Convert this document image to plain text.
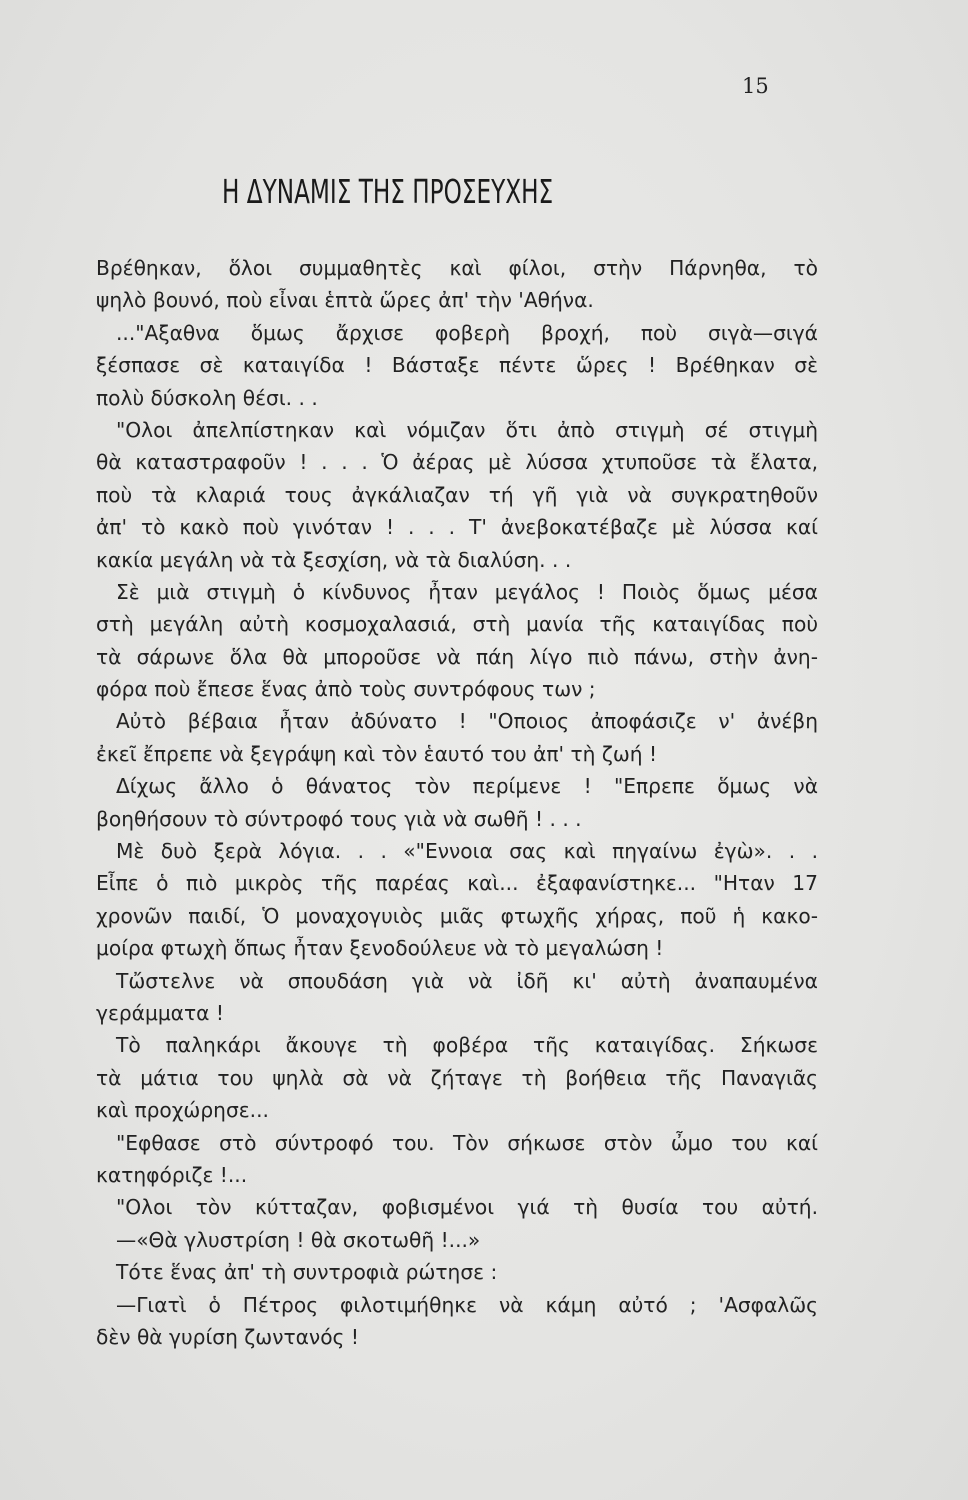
15
Η ΔΥΝΑΜΙΣ ΤΗΣ ΠΡΟΣΕΥΧΗΣ
Βρέθηκαν, ὅλοι συμμαθητὲς καὶ φίλοι, στὴν Πάρνηθα, τὸ
ψηλὸ βουνό, ποὺ εἶναι ἑπτὰ ὥρες ἀπ' τὴν 'Αθήνα.
..."Αξαθνα ὅμως ἄρχισε φοβερὴ βροχή, ποὺ σιγὰ—σιγά
ξέσπασε σὲ καταιγίδα ! Βάσταξε πέντε ὥρες ! Βρέθηκαν σὲ
πολὺ δύσκολη θέσι. . .
"Ολοι ἀπελπίστηκαν καὶ νόμιζαν ὅτι ἀπὸ στιγμὴ σέ στιγμὴ
θὰ καταστραφοῦν ! . . . Ὁ ἀέρας μὲ λύσσα χτυποῦσε τὰ ἔλατα,
ποὺ τὰ κλαριά τους ἀγκάλιαζαν τή γῆ γιὰ νὰ συγκρατηθοῦν
ἀπ' τὸ κακὸ ποὺ γινόταν ! . . . Τ' ἀνεβοκατέβαζε μὲ λύσσα καί
κακία μεγάλη νὰ τὰ ξεσχίση, νὰ τὰ διαλύση. . .
Σὲ μιὰ στιγμὴ ὁ κίνδυνος ἦταν μεγάλος ! Ποιὸς ὅμως μέσα
στὴ μεγάλη αὐτὴ κοσμοχαλασιά, στὴ μανία τῆς καταιγίδας ποὺ
τὰ σάρωνε ὅλα θὰ μποροῦσε νὰ πάη λίγο πιὸ πάνω, στὴν ἀνη-
φόρα ποὺ ἔπεσε ἕνας ἀπὸ τοὺς συντρόφους των ;
Αὐτὸ βέβαια ἦταν ἀδύνατο ! "Οποιος ἀποφάσιζε ν' ἀνέβη
ἐκεῖ ἔπρεπε νὰ ξεγράψη καὶ τὸν ἑαυτό του ἀπ' τὴ ζωή !
Δίχως ἄλλο ὁ θάνατος τὸν περίμενε ! "Επρεπε ὅμως νὰ
βοηθήσουν τὸ σύντροφό τους γιὰ νὰ σωθῆ ! . . .
Μὲ δυὸ ξερὰ λόγια. . . «"Εννοια σας καὶ πηγαίνω ἐγὼ». . .
Εἶπε ὁ πιὸ μικρὸς τῆς παρέας καὶ... ἐξαφανίστηκε... "Ηταν 17
χρονῶν παιδί, Ὁ μοναχογυιὸς μιᾶς φτωχῆς χήρας, ποῦ ἡ κακο-
μοίρα φτωχὴ ὅπως ἦταν ξενοδούλευε νὰ τὸ μεγαλώση !
Τὤστελνε νὰ σπουδάση γιὰ νὰ ἰδῆ κι' αὐτὴ ἀναπαυμένα
γεράμματα !
Τὸ παληκάρι ἄκουγε τὴ φοβέρα τῆς καταιγίδας. Σήκωσε
τὰ μάτια του ψηλὰ σὰ νὰ ζήταγε τὴ βοήθεια τῆς Παναγιᾶς
καὶ προχώρησε...
"Εφθασε στὸ σύντροφό του. Τὸν σήκωσε στὸν ὦμο του καί
κατηφόριζε !...
"Ολοι τὸν κύτταζαν, φοβισμένοι γιά τὴ θυσία του αὐτή.
—«Θὰ γλυστρίση ! θὰ σκοτωθῆ !...»
Τότε ἕνας ἀπ' τὴ συντροφιὰ ρώτησε :
—Γιατὶ ὁ Πέτρος φιλοτιμήθηκε νὰ κάμη αὐτό ; 'Ασφαλῶς
δὲν θὰ γυρίση ζωντανός !
